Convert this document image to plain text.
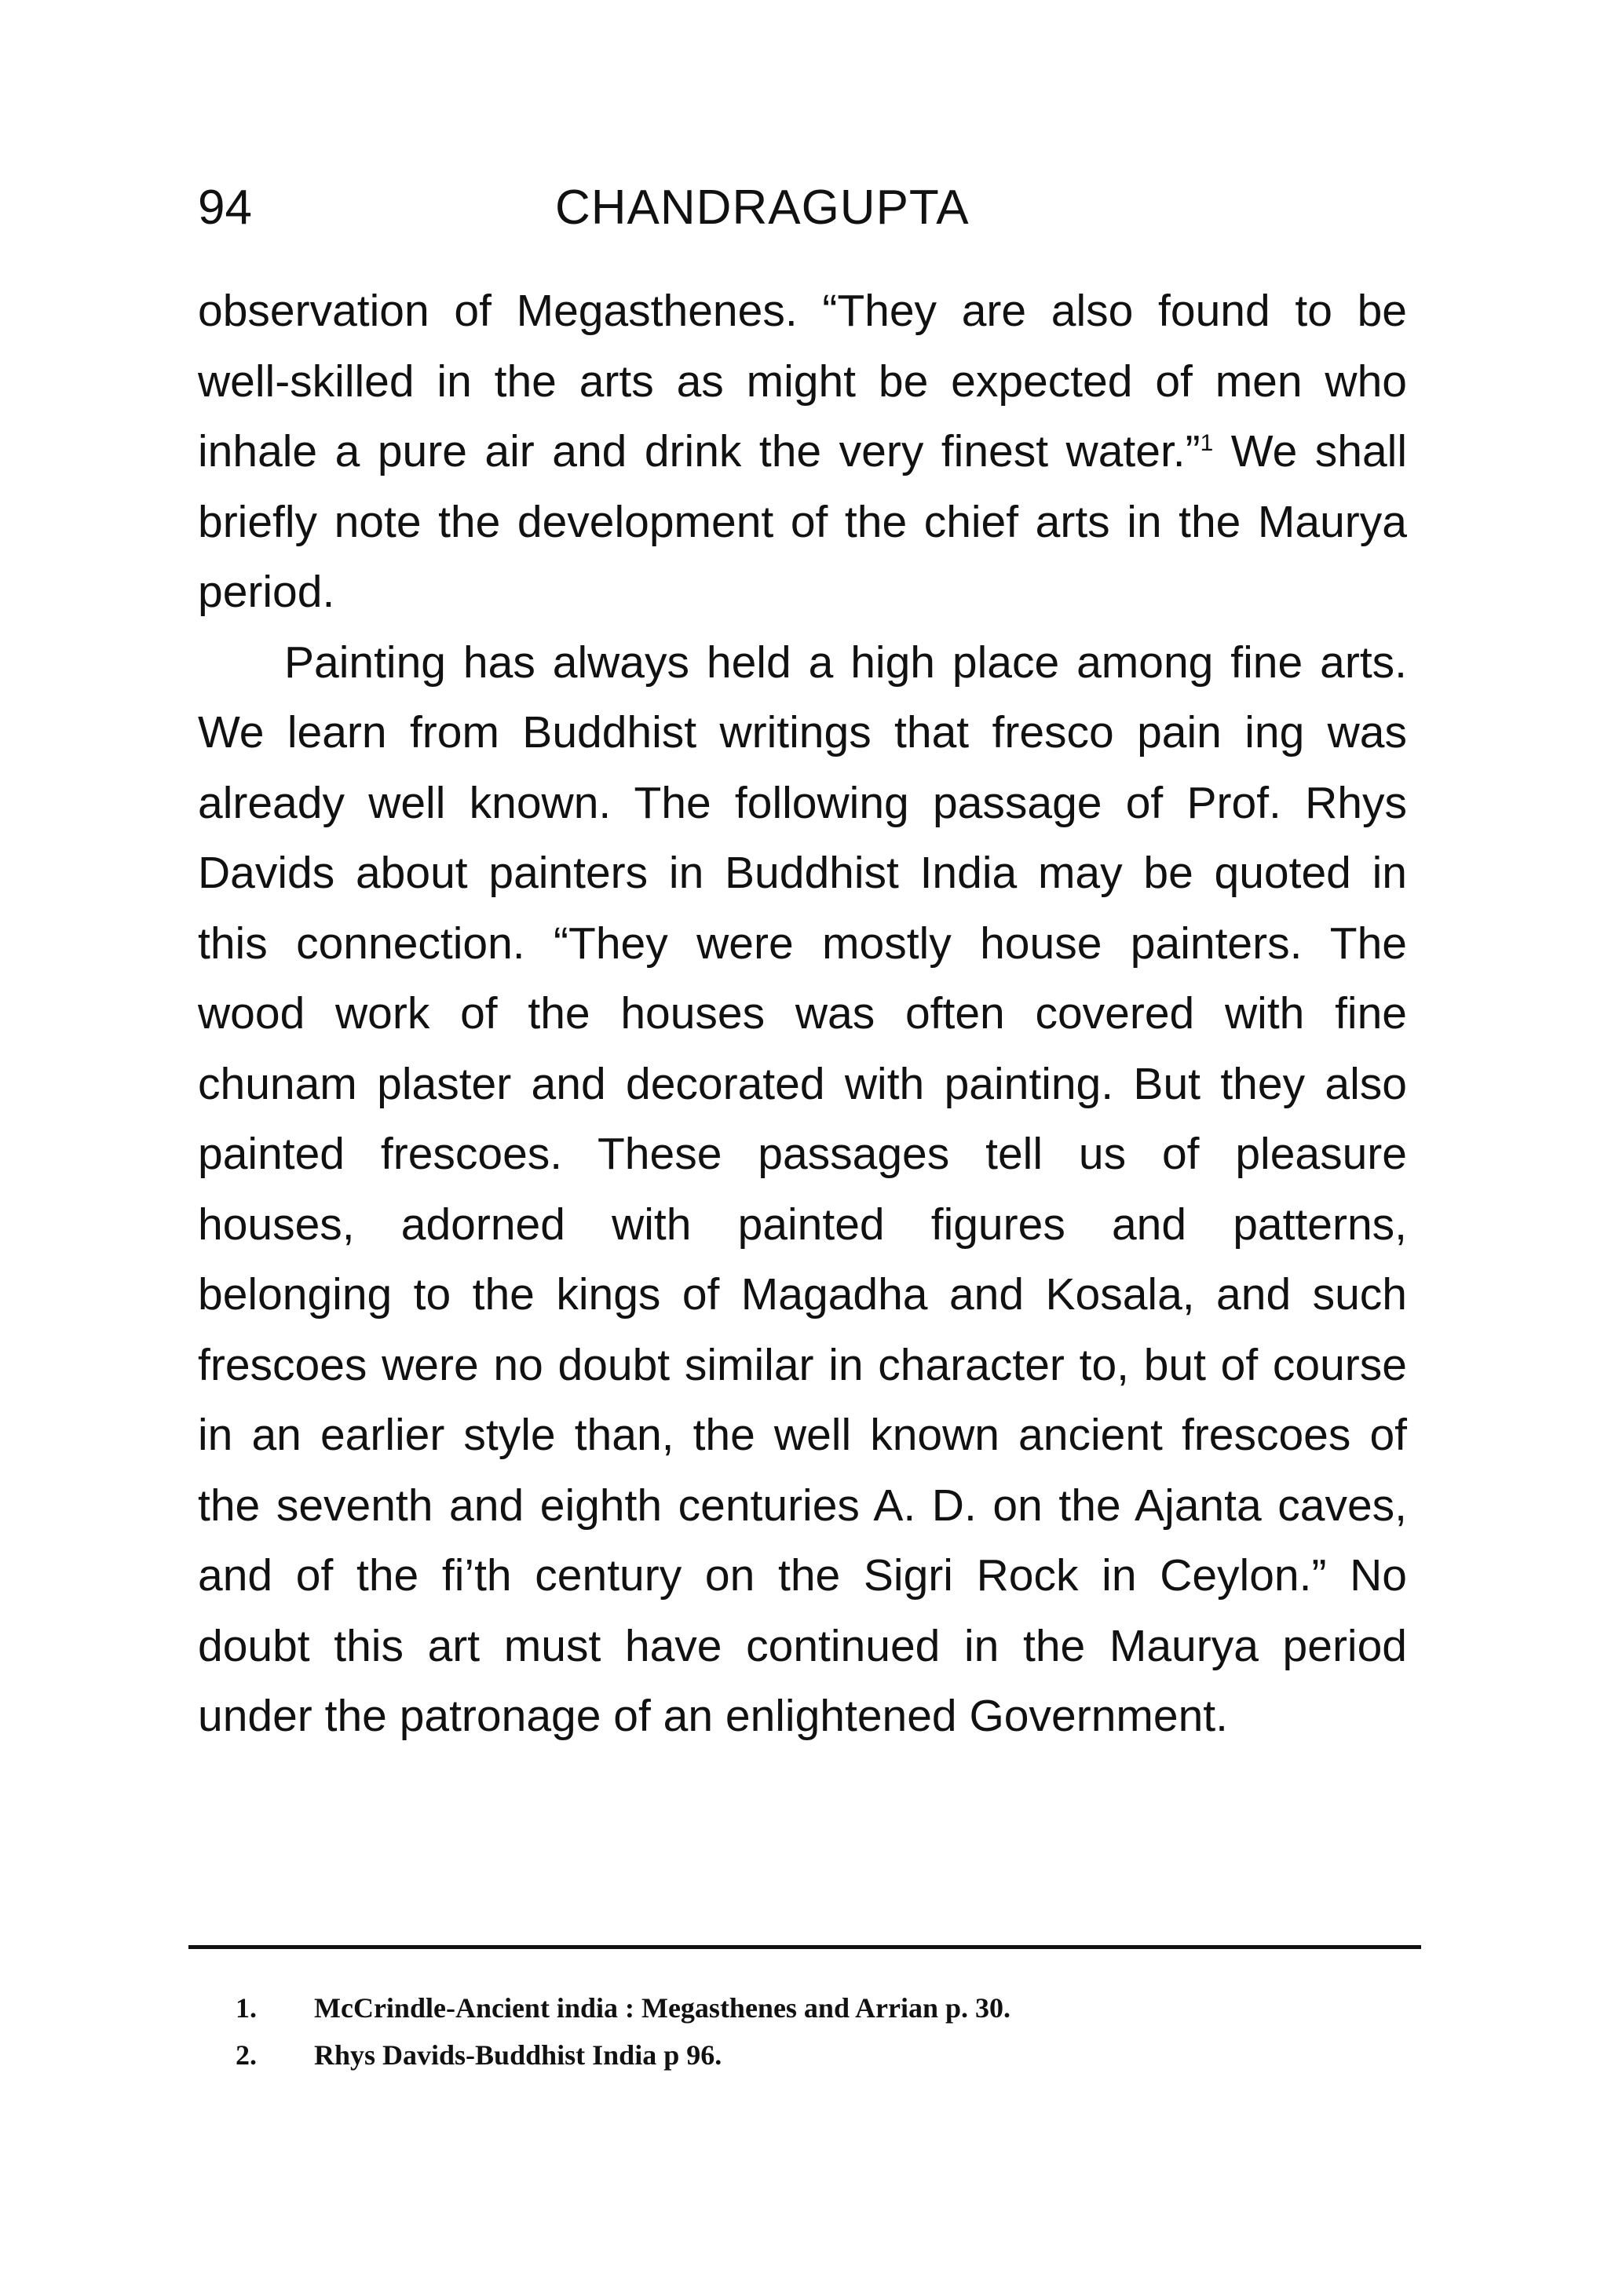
94	CHANDRAGUPTA

observation of Megasthenes. “They are also found to be well-skilled in the arts as might be expected of men who inhale a pure air and drink the very finest water.”$^1$ We shall briefly note the development of the chief arts in the Maurya period.

Painting has always held a high place among fine arts. We learn from Buddhist writings that fresco pain ing was already well known. The following passage of Prof. Rhys Davids about painters in Buddhist India may be quoted in this connection. “They were mostly house painters. The wood work of the houses was often covered with fine chunam plaster and decorated with painting. But they also painted frescoes. These passages tell us of pleasure houses, adorned with painted figures and patterns, belonging to the kings of Magadha and Kosala, and such frescoes were no doubt similar in character to, but of course in an earlier style than, the well known ancient frescoes of the seventh and eighth centuries A. D. on the Ajanta caves, and of the fi’th century on the Sigri Rock in Ceylon.” No doubt this art must have continued in the Maurya period under the patronage of an enlightened Government.

1.	McCrindle-Ancient india : Megasthenes and Arrian p. 30.
2.	Rhys Davids-Buddhist India p 96.
